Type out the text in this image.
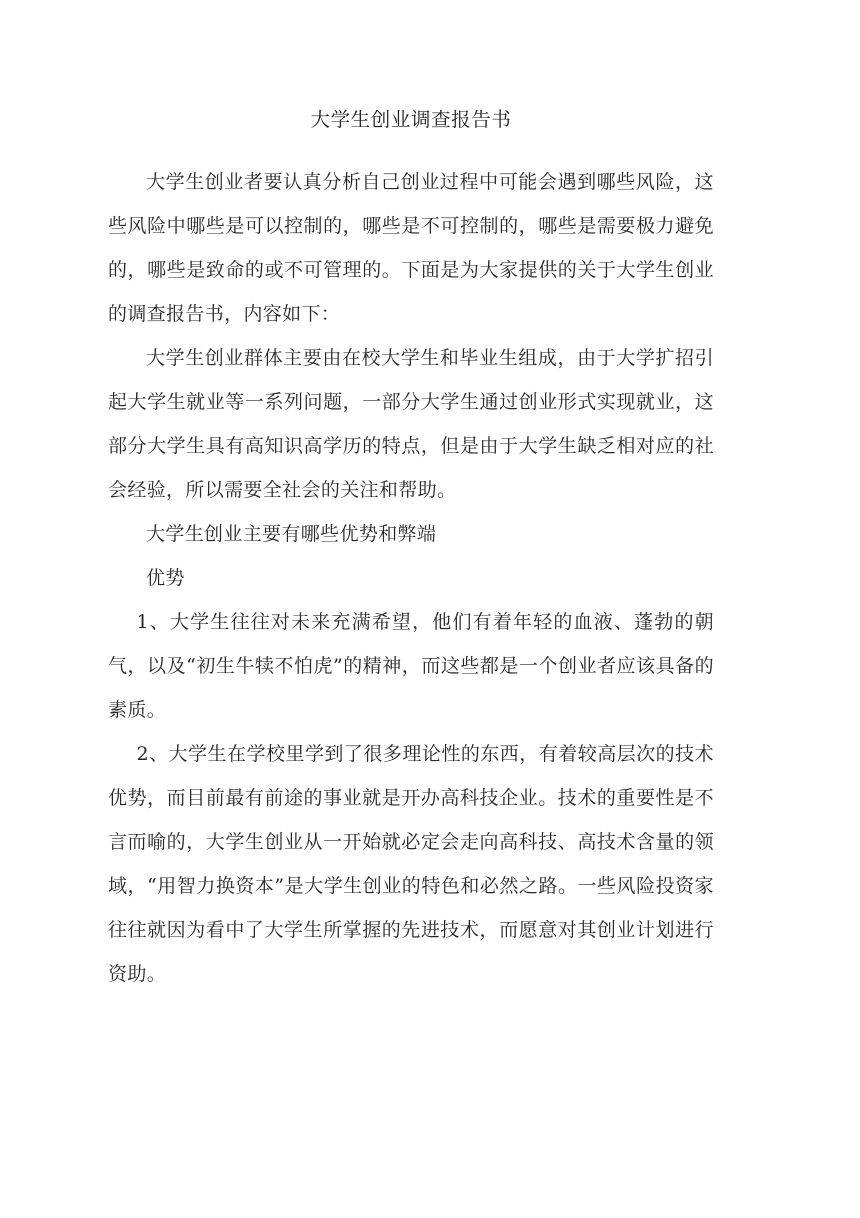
大学生创业调查报告书

大学生创业者要认真分析自己创业过程中可能会遇到哪些风险，这些风险中哪些是可以控制的，哪些是不可控制的，哪些是需要极力避免的，哪些是致命的或不可管理的。下面是为大家提供的关于大学生创业的调查报告书，内容如下：

大学生创业群体主要由在校大学生和毕业生组成，由于大学扩招引起大学生就业等一系列问题，一部分大学生通过创业形式实现就业，这部分大学生具有高知识高学历的特点，但是由于大学生缺乏相对应的社会经验，所以需要全社会的关注和帮助。

大学生创业主要有哪些优势和弊端

优势

1、大学生往往对未来充满希望，他们有着年轻的血液、蓬勃的朝气，以及“初生牛犊不怕虎”的精神，而这些都是一个创业者应该具备的素质。

2、大学生在学校里学到了很多理论性的东西，有着较高层次的技术优势，而目前最有前途的事业就是开办高科技企业。技术的重要性是不言而喻的，大学生创业从一开始就必定会走向高科技、高技术含量的领域，“用智力换资本”是大学生创业的特色和必然之路。一些风险投资家往往就因为看中了大学生所掌握的先进技术，而愿意对其创业计划进行资助。
